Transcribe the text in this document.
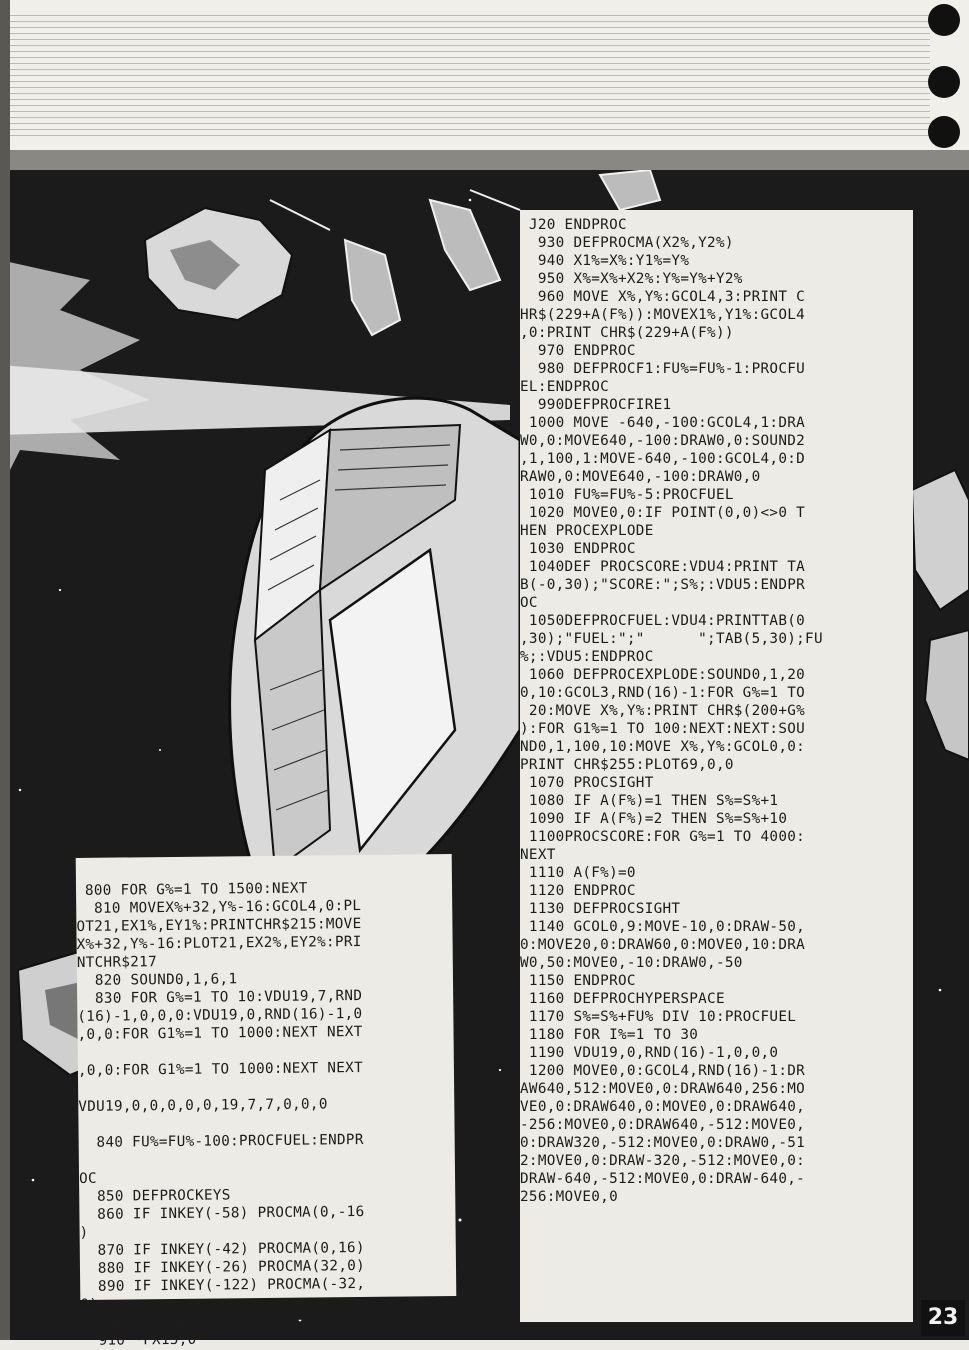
J20 ENDPROC
930 DEFPROCMA(X2%,Y2%)
940 X1%=X%:Y1%=Y%
950 X%=X%+X2%:Y%=Y%+Y2%
960 MOVE X%,Y%:GCOL4,3:PRINT C
HR$(229+A(F%)):MOVEX1%,Y1%:GCOL4
,0:PRINT CHR$(229+A(F%))
970 ENDPROC
980 DEFPROCF1:FU%=FU%-1:PROCFU
EL:ENDPROC
990DEFPROCFIRE1
1000 MOVE -640,-100:GCOL4,1:DRA
W0,0:MOVE640,-100:DRAW0,0:SOUND2
,1,100,1:MOVE-640,-100:GCOL4,0:D
RAW0,0:MOVE640,-100:DRAW0,0
1010 FU%=FU%-5:PROCFUEL
1020 MOVE0,0:IF POINT(0,0)<>0 T
HEN PROCEXPLODE
1030 ENDPROC
1040DEF PROCSCORE:VDU4:PRINT TA
B(-0,30);"SCORE:";S%;:VDU5:ENDPR
OC
1050DEFPROCFUEL:VDU4:PRINTTAB(0
,30);"FUEL:";"      ";TAB(5,30);FU
%;:VDU5:ENDPROC
1060 DEFPROCEXPLODE:SOUND0,1,20
0,10:GCOL3,RND(16)-1:FOR G%=1 TO
20:MOVE X%,Y%:PRINT CHR$(200+G%
):FOR G1%=1 TO 100:NEXT:NEXT:SOU
ND0,1,100,10:MOVE X%,Y%:GCOL0,0:
PRINT CHR$255:PLOT69,0,0
1070 PROCSIGHT
1080 IF A(F%)=1 THEN S%=S%+1
1090 IF A(F%)=2 THEN S%=S%+10
1100PROCSCORE:FOR G%=1 TO 4000:
NEXT
1110 A(F%)=0
1120 ENDPROC
1130 DEFPROCSIGHT
1140 GCOL0,9:MOVE-10,0:DRAW-50,
0:MOVE20,0:DRAW60,0:MOVE0,10:DRA
W0,50:MOVE0,-10:DRAW0,-50
1150 ENDPROC
1160 DEFPROCHYPERSPACE
1170 S%=S%+FU% DIV 10:PROCFUEL
1180 FOR I%=1 TO 30
1190 VDU19,0,RND(16)-1,0,0,0
1200 MOVE0,0:GCOL4,RND(16)-1:DR
AW640,512:MOVE0,0:DRAW640,256:MO
VE0,0:DRAW640,0:MOVE0,0:DRAW640,
-256:MOVE0,0:DRAW640,-512:MOVE0,
0:DRAW320,-512:MOVE0,0:DRAW0,-51
2:MOVE0,0:DRAW-320,-512:MOVE0,0:
DRAW-640,-512:MOVE0,0:DRAW-640,-
256:MOVE0,0
800 FOR G%=1 TO 1500:NEXT
810 MOVEX%+32,Y%-16:GCOL4,0:PL
OT21,EX1%,EY1%:PRINTCHR$215:MOVE
X%+32,Y%-16:PLOT21,EX2%,EY2%:PRI
NTCHR$217
820 SOUND0,1,6,1
830 FOR G%=1 TO 10:VDU19,7,RND
(16)-1,0,0,0:VDU19,0,RND(16)-1,0
,0,0:FOR G1%=1 TO 1000:NEXT NEXT
,0,0:FOR G1%=1 TO 1000:NEXT NEXT
VDU19,0,0,0,0,0,19,7,7,0,0,0
840 FU%=FU%-100:PROCFUEL:ENDPR
OC
850 DEFPROCKEYS
860 IF INKEY(-58) PROCMA(0,-16
)
870 IF INKEY(-42) PROCMA(0,16)
880 IF INKEY(-26) PROCMA(32,0)
890 IF INKEY(-122) PROCMA(-32,
0)
900 IF INKEY(-99) PROCFIRE1
910 *FX15,0
23
